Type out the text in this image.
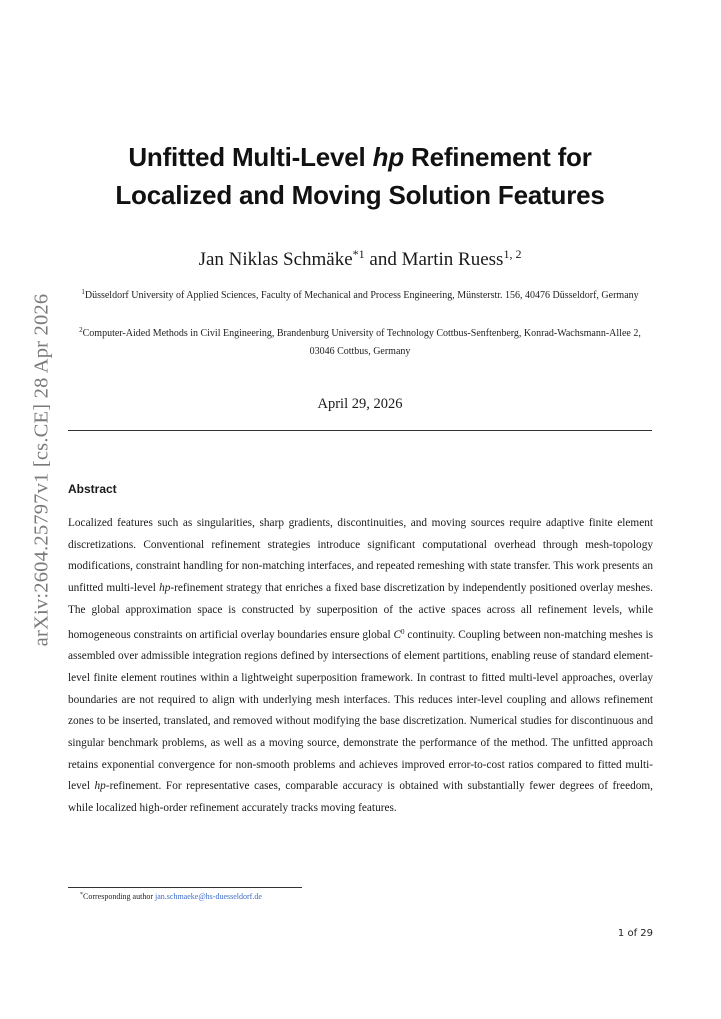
arXiv:2604.25797v1 [cs.CE] 28 Apr 2026
Unfitted Multi-Level hp Refinement for
Localized and Moving Solution Features
Jan Niklas Schmäke$^{*1}$ and Martin Ruess$^{1, 2}$
$^1$Düsseldorf University of Applied Sciences, Faculty of Mechanical and Process Engineering, Münsterstr. 156, 40476 Düsseldorf, Germany
$^2$Computer-Aided Methods in Civil Engineering, Brandenburg University of Technology Cottbus-Senftenberg, Konrad-Wachsmann-Allee 2, 03046 Cottbus, Germany
April 29, 2026
Abstract
Localized features such as singularities, sharp gradients, discontinuities, and moving sources require adaptive finite element discretizations. Conventional refinement strategies introduce significant computational overhead through mesh-topology modifications, constraint handling for non-matching interfaces, and repeated remeshing with state transfer. This work presents an unfitted multi-level hp-refinement strategy that enriches a fixed base discretization by independently positioned overlay meshes. The global approximation space is constructed by superposition of the active spaces across all refinement levels, while homogeneous constraints on artificial overlay boundaries ensure global $C^0$ continuity. Coupling between non-matching meshes is assembled over admissible integration regions defined by intersections of element partitions, enabling reuse of standard element-level finite element routines within a lightweight superposition framework. In contrast to fitted multi-level approaches, overlay boundaries are not required to align with underlying mesh interfaces. This reduces inter-level coupling and allows refinement zones to be inserted, translated, and removed without modifying the base discretization. Numerical studies for discontinuous and singular benchmark problems, as well as a moving source, demonstrate the performance of the method. The unfitted approach retains exponential convergence for non-smooth problems and achieves improved error-to-cost ratios compared to fitted multi-level hp-refinement. For representative cases, comparable accuracy is obtained with substantially fewer degrees of freedom, while localized high-order refinement accurately tracks moving features.
*Corresponding author jan.schmaeke@hs-duesseldorf.de
1 of 29
